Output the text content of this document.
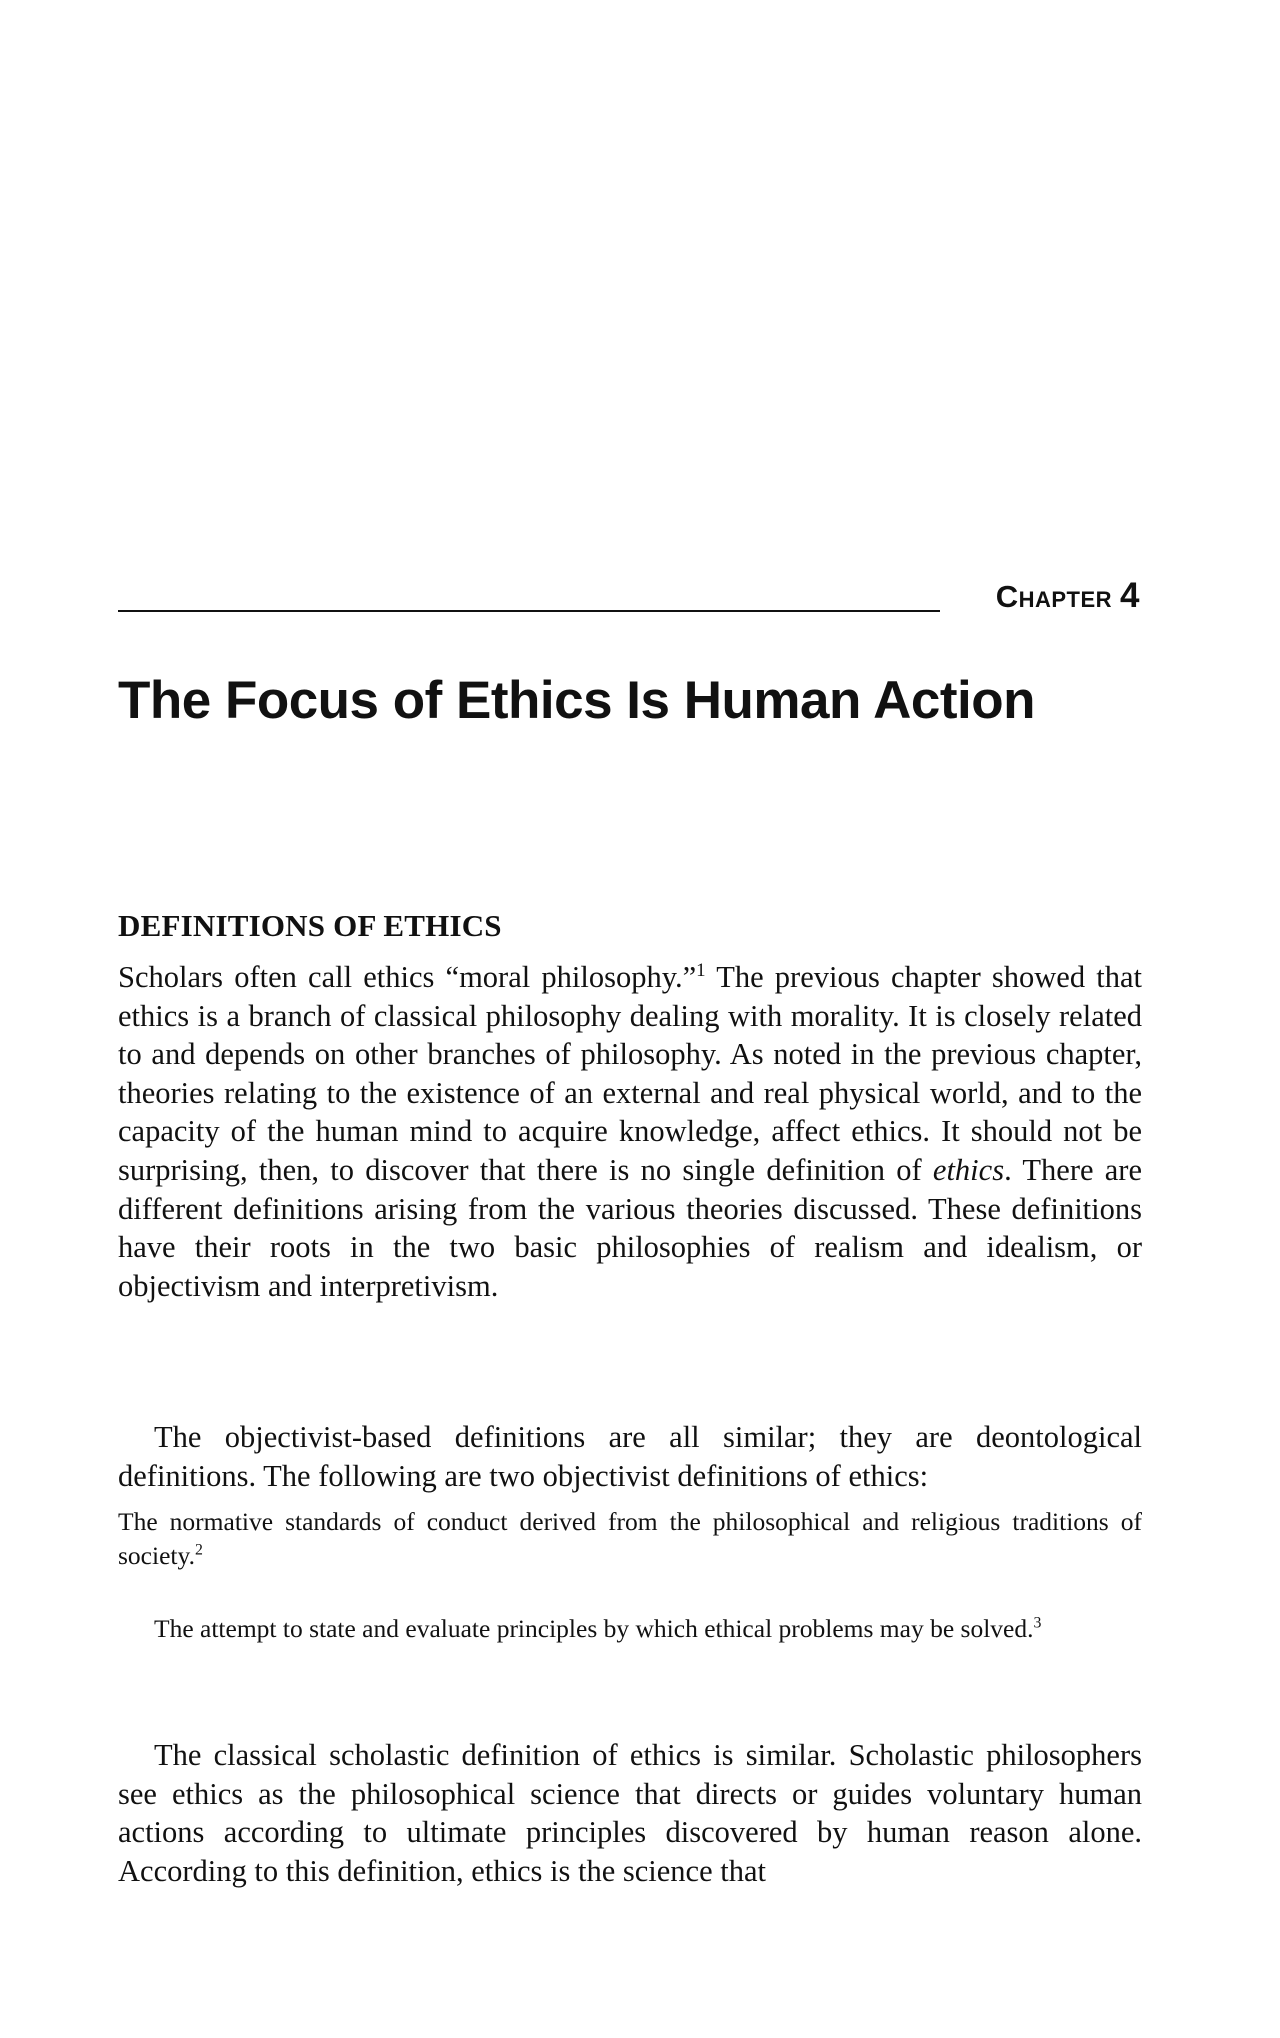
Chapter 4
The Focus of Ethics Is Human Action
DEFINITIONS OF ETHICS

Scholars often call ethics “moral philosophy.”$^1$ The previous chapter showed that ethics is a branch of classical philosophy dealing with morality. It is closely related to and depends on other branches of philosophy. As noted in the previous chapter, theories relating to the existence of an external and real physical world, and to the capacity of the human mind to acquire knowledge, affect ethics. It should not be surprising, then, to discover that there is no single definition of ethics. There are different definitions arising from the various theories discussed. These definitions have their roots in the two basic philosophies of realism and idealism, or objectivism and interpretivism.

The objectivist-based definitions are all similar; they are deontological definitions. The following are two objectivist definitions of ethics:

The normative standards of conduct derived from the philosophical and religious traditions of society.$^2$

The attempt to state and evaluate principles by which ethical problems may be solved.$^3$

The classical scholastic definition of ethics is similar. Scholastic philosophers see ethics as the philosophical science that directs or guides voluntary human actions according to ultimate principles discovered by human reason alone. According to this definition, ethics is the science that
